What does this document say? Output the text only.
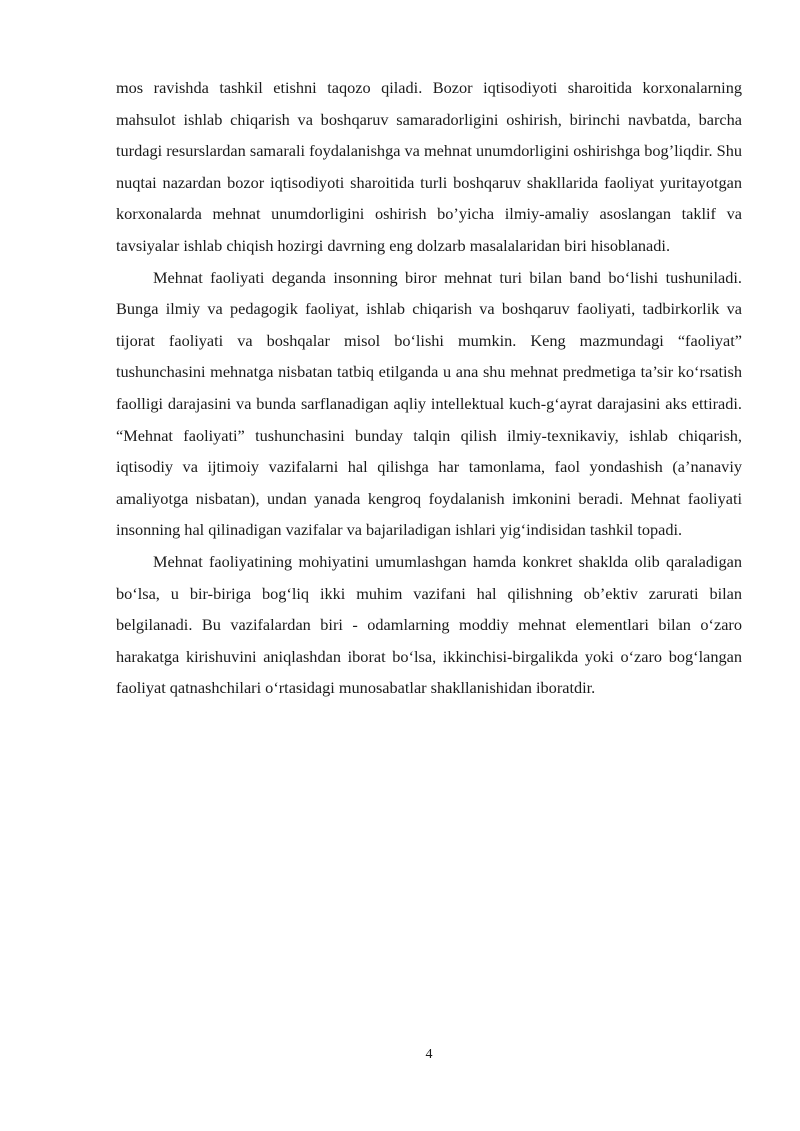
mos ravishda tashkil etishni taqozo qiladi. Bozor iqtisodiyoti sharoitida korxonalarning mahsulot ishlab chiqarish va boshqaruv samaradorligini oshirish, birinchi navbatda, barcha turdagi resurslardan samarali foydalanishga va mehnat unumdorligini oshirishga bog’liqdir. Shu nuqtai nazardan bozor iqtisodiyoti sharoitida turli boshqaruv shakllarida faoliyat yuritayotgan korxonalarda mehnat unumdorligini oshirish bo’yicha ilmiy-amaliy asoslangan taklif va tavsiyalar ishlab chiqish hozirgi davrning eng dolzarb masalalaridan biri hisoblanadi.

Mehnat faoliyati deganda insonning biror mehnat turi bilan band bo‘lishi tushuniladi. Bunga ilmiy va pedagogik faoliyat, ishlab chiqarish va boshqaruv faoliyati, tadbirkorlik va tijorat faoliyati va boshqalar misol bo‘lishi mumkin. Keng mazmundagi “faoliyat” tushunchasini mehnatga nisbatan tatbiq etilganda u ana shu mehnat predmetiga ta’sir ko‘rsatish faolligi darajasini va bunda sarflanadigan aqliy intellektual kuch-g‘ayrat darajasini aks ettiradi. “Mehnat faoliyati” tushunchasini bunday talqin qilish ilmiy-texnikaviy, ishlab chiqarish, iqtisodiy va ijtimoiy vazifalarni hal qilishga har tamonlama, faol yondashish (a’nanaviy amaliyotga nisbatan), undan yanada kengroq foydalanish imkonini beradi. Mehnat faoliyati insonning hal qilinadigan vazifalar va bajariladigan ishlari yig‘indisidan tashkil topadi.

Mehnat faoliyatining mohiyatini umumlashgan hamda konkret shaklda olib qaraladigan bo‘lsa, u bir-biriga bog‘liq ikki muhim vazifani hal qilishning ob’ektiv zarurati bilan belgilanadi. Bu vazifalardan biri - odamlarning moddiy mehnat elementlari bilan o‘zaro harakatga kirishuvini aniqlashdan iborat bo‘lsa, ikkinchisi-birgalikda yoki o‘zaro bog‘langan faoliyat qatnashchilari o‘rtasidagi munosabatlar shakllanishidan iboratdir.

4
